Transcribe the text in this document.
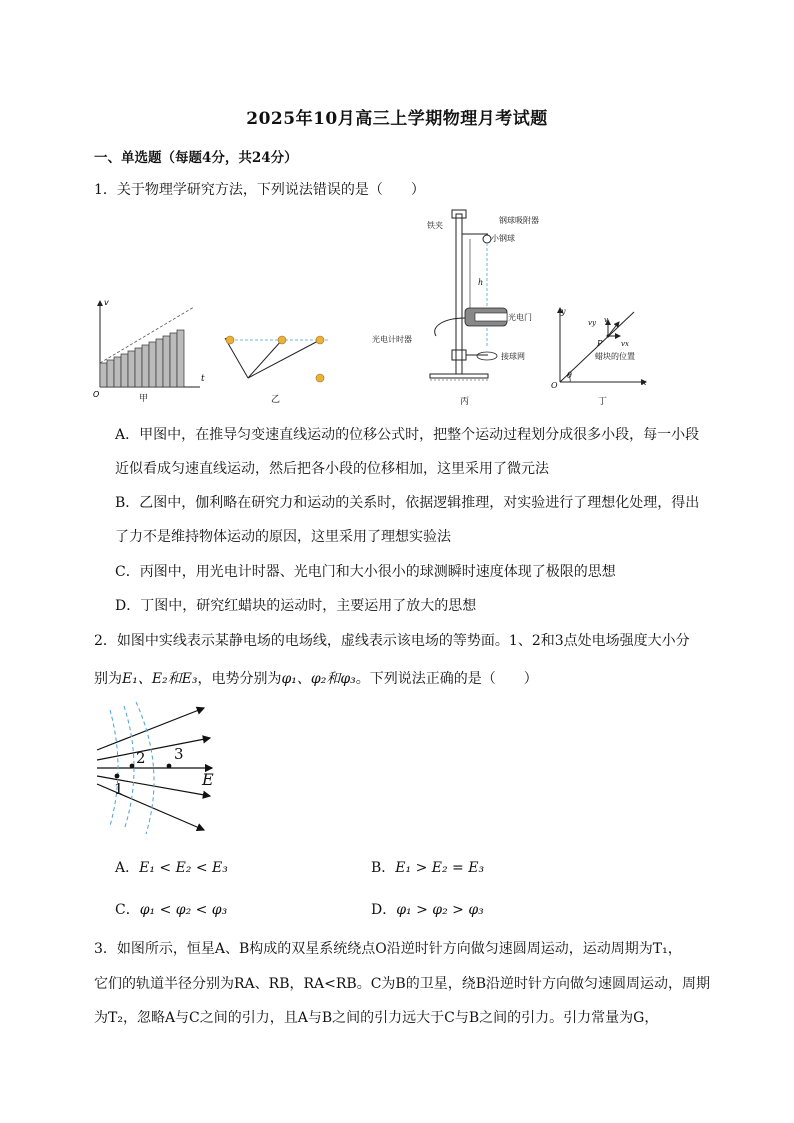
2025年10月高三上学期物理月考试题
一、单选题（每题4分，共24分）
1．关于物理学研究方法，下列说法错误的是（　　）
v
O
t
甲	乙
铁夹
钢球吸附器
小钢球
h
光电门
光电计时器
接球网
丙
y
x
O
θ
P
vy v
vx
蜡块的位置
丁
A．甲图中，在推导匀变速直线运动的位移公式时，把整个运动过程划分成很多小段，每一小段
近似看成匀速直线运动，然后把各小段的位移相加，这里采用了微元法
B．乙图中，伽利略在研究力和运动的关系时，依据逻辑推理，对实验进行了理想化处理，得出
了力不是维持物体运动的原因，这里采用了理想实验法
C．丙图中，用光电计时器、光电门和大小很小的球测瞬时速度体现了极限的思想
D．丁图中，研究红蜡块的运动时，主要运用了放大的思想
2．如图中实线表示某静电场的电场线，虚线表示该电场的等势面。1、2和3点处电场强度大小分
别为E₁、E₂和E₃，电势分别为φ₁、φ₂和φ₃。下列说法正确的是（　　）
1
2 3
E
A．E₁ < E₂ < E₃	B．E₁ > E₂ = E₃
C．φ₁ < φ₂ < φ₃	D．φ₁ > φ₂ > φ₃
3．如图所示，恒星A、B构成的双星系统绕点O沿逆时针方向做匀速圆周运动，运动周期为T₁，
它们的轨道半径分别为RA、RB，RA<RB。C为B的卫星，绕B沿逆时针方向做匀速圆周运动，周期
为T₂，忽略A与C之间的引力，且A与B之间的引力远大于C与B之间的引力。引力常量为G，
